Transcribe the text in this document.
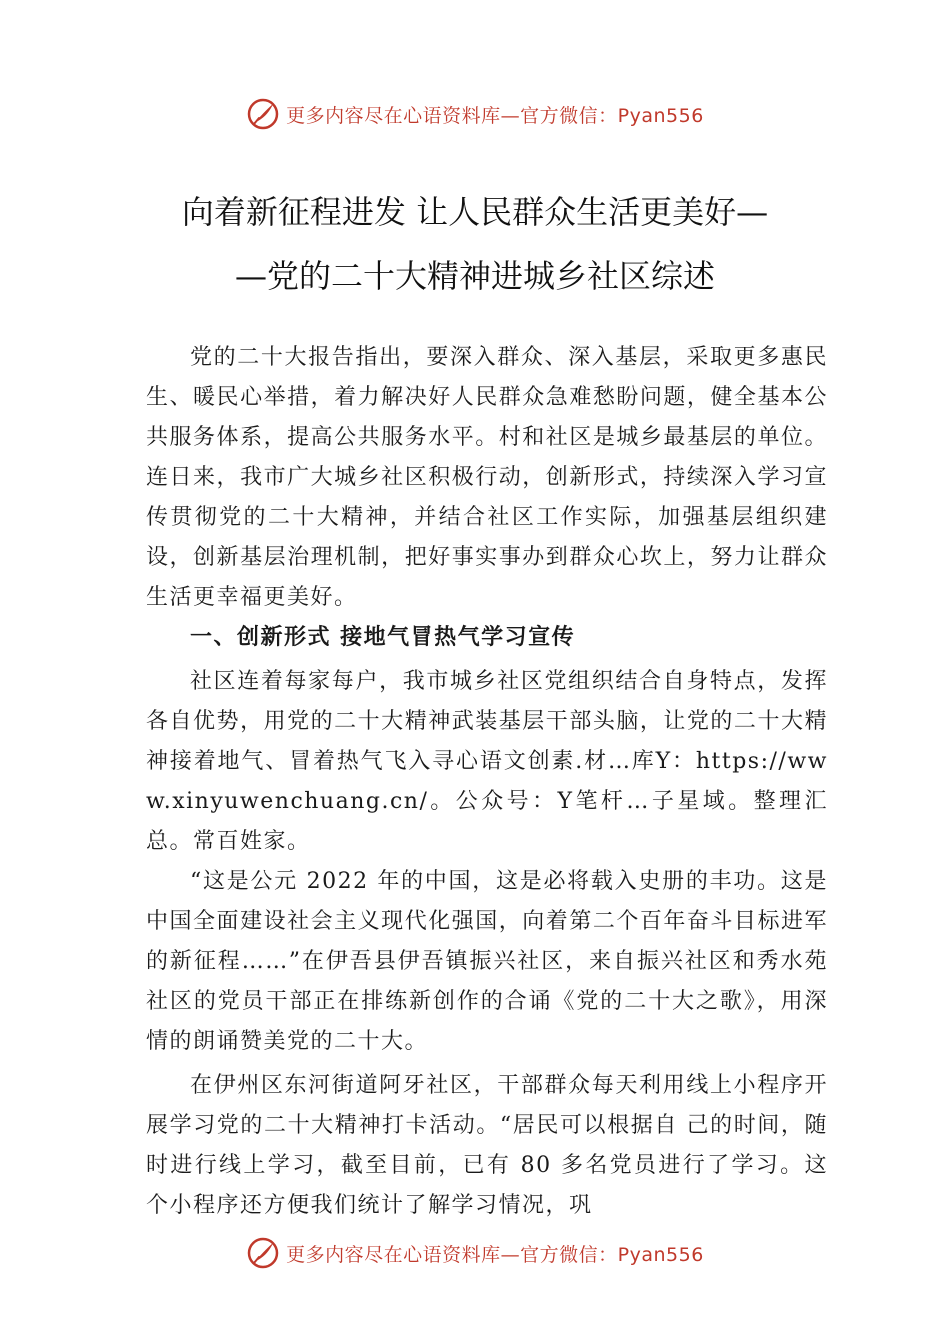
更多内容尽在心语资料库—官方微信：Pyan556
向着新征程进发 让人民群众生活更美好—
—党的二十大精神进城乡社区综述

党的二十大报告指出，要深入群众、深入基层，采取更多惠民生、暖民心举措，着力解决好人民群众急难愁盼问题，健全基本公共服务体系，提高公共服务水平。村和社区是城乡最基层的单位。连日来，我市广大城乡社区积极行动，创新形式，持续深入学习宣传贯彻党的二十大精神，并结合社区工作实际，加强基层组织建设，创新基层治理机制，把好事实事办到群众心坎上，努力让群众生活更幸福更美好。

一、创新形式 接地气冒热气学习宣传

社区连着每家每户，我市城乡社区党组织结合自身特点，发挥各自优势，用党的二十大精神武装基层干部头脑，让党的二十大精神接着地气、冒着热气飞入寻心语文创素.材…库Y：https://www.xinyuwenchuang.cn/。公众号：Y笔杆…子星域。整理汇总。常百姓家。

“这是公元 2022 年的中国，这是必将载入史册的丰功。这是中国全面建设社会主义现代化强国，向着第二个百年奋斗目标进军的新征程……”在伊吾县伊吾镇振兴社区，来自振兴社区和秀水苑社区的党员干部正在排练新创作的合诵《党的二十大之歌》，用深情的朗诵赞美党的二十大。

在伊州区东河街道阿牙社区，干部群众每天利用线上小程序开展学习党的二十大精神打卡活动。“居民可以根据自 己的时间，随时进行线上学习，截至目前，已有 80 多名党员进行了学习。这个小程序还方便我们统计了解学习情况，巩

更多内容尽在心语资料库—官方微信：Pyan556
